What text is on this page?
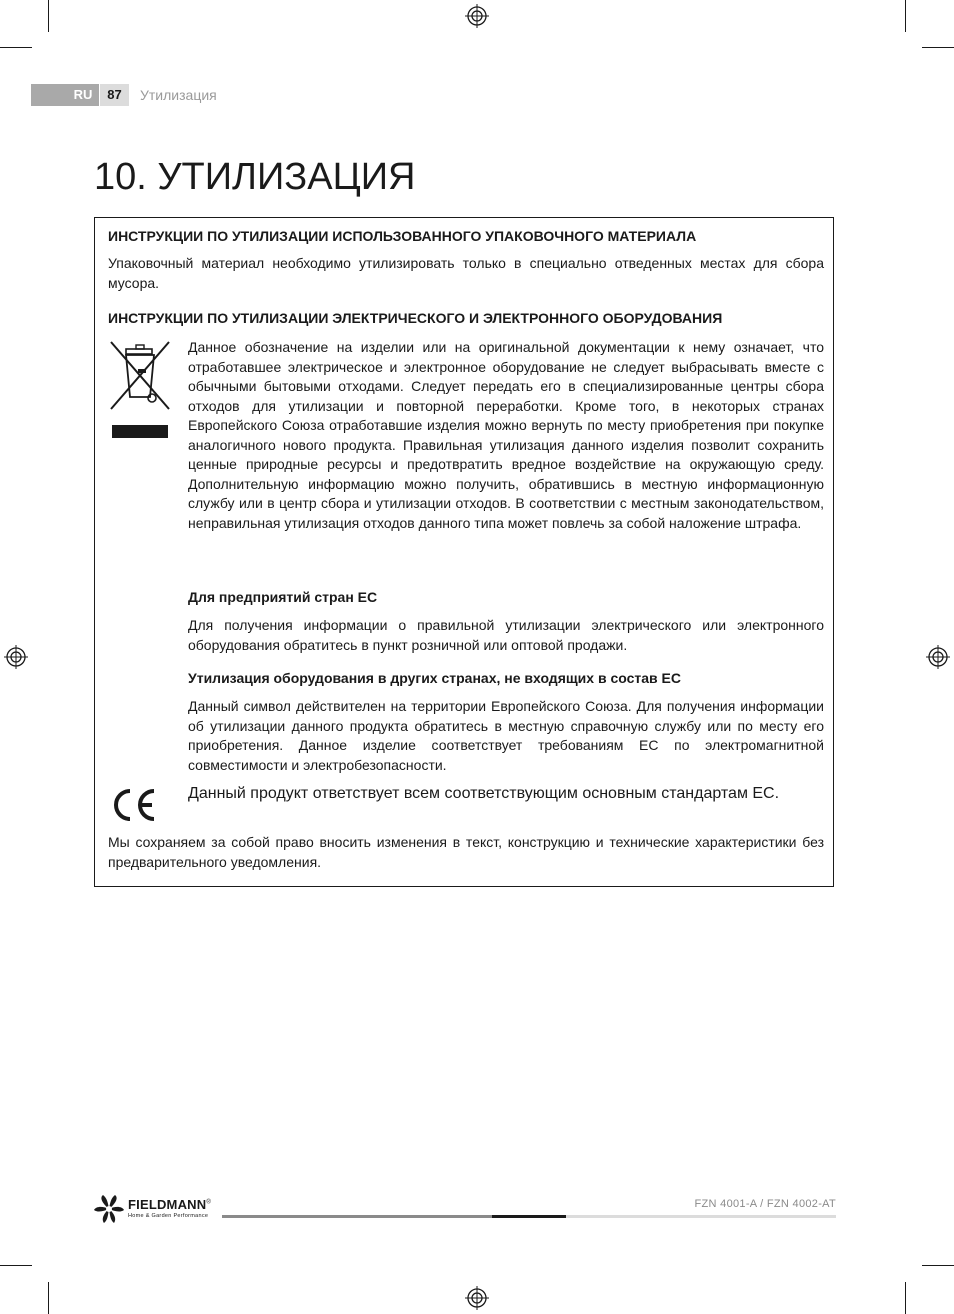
RU	87	Утилизация
10. УТИЛИЗАЦИЯ
ИНСТРУКЦИИ ПО УТИЛИЗАЦИИ ИСПОЛЬЗОВАННОГО УПАКОВОЧНОГО МАТЕРИАЛА

Упаковочный материал необходимо утилизировать только в специально отведенных местах для сбора мусора.

ИНСТРУКЦИИ ПО УТИЛИЗАЦИИ ЭЛЕКТРИЧЕСКОГО И ЭЛЕКТРОННОГО ОБОРУДОВАНИЯ

Данное обозначение на изделии или на оригинальной документации к нему означает, что отработавшее электрическое и электронное оборудование не следует выбрасывать вместе с обычными бытовыми отходами. Следует передать его в специализированные центры сбора отходов для утилизации и повторной переработки. Кроме того, в некоторых странах Европейского Союза отработавшие изделия можно вернуть по месту приобретения при покупке аналогичного нового продукта. Правильная утилизация данного изделия позволит сохранить ценные природные ресурсы и предотвратить вредное воздействие на окружающую среду. Дополнительную информацию можно получить, обратившись в местную информационную службу или в центр сбора и утилизации отходов. В соответствии с местным законодательством, неправильная утилизация отходов данного типа может повлечь за собой наложение штрафа.

Для предприятий стран ЕС

Для получения информации о правильной утилизации электрического или электронного оборудования обратитесь в пункт розничной или оптовой продажи.

Утилизация оборудования в других странах, не входящих в состав ЕС

Данный символ действителен на территории Европейского Союза. Для получения информации об утилизации данного продукта обратитесь в местную справочную службу или по месту его приобретения. Данное изделие соответствует требованиям ЕС по электромагнитной совместимости и электробезопасности.

Данный продукт ответствует всем соответствующим основным стандартам ЕС.

Мы сохраняем за собой право вносить изменения в текст, конструкцию и технические характеристики без предварительного уведомления.

FIELDMANN®
Home & Garden Performance
FZN 4001-A / FZN 4002-AT
